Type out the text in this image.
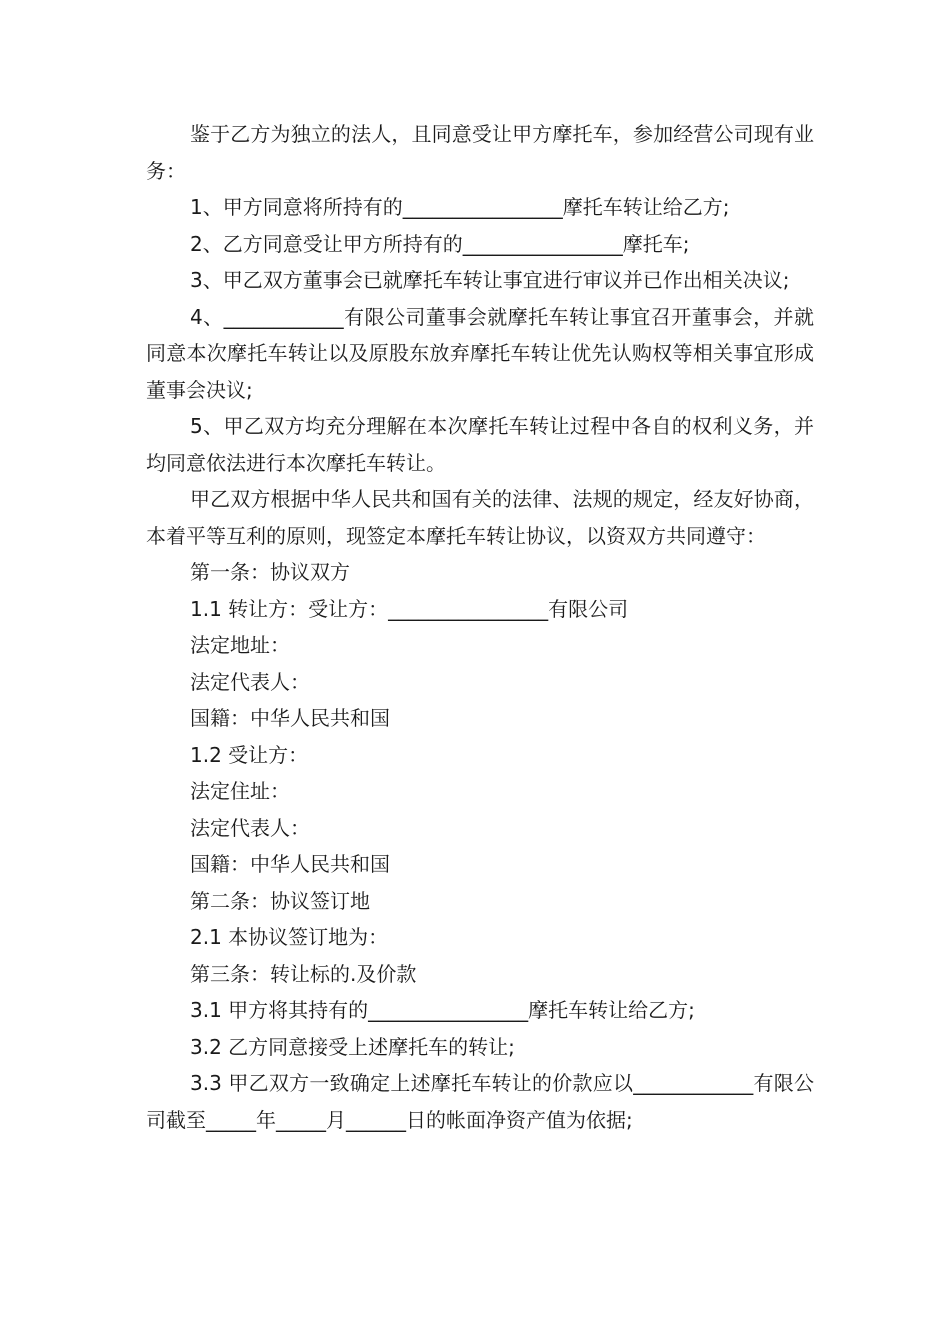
鉴于乙方为独立的法人，且同意受让甲方摩托车，参加经营公司现有业务：

1、甲方同意将所持有的________________摩托车转让给乙方;

2、乙方同意受让甲方所持有的________________摩托车;

3、甲乙双方董事会已就摩托车转让事宜进行审议并已作出相关决议;

4、____________有限公司董事会就摩托车转让事宜召开董事会，并就同意本次摩托车转让以及原股东放弃摩托车转让优先认购权等相关事宜形成董事会决议;

5、甲乙双方均充分理解在本次摩托车转让过程中各自的权利义务，并均同意依法进行本次摩托车转让。

甲乙双方根据中华人民共和国有关的法律、法规的规定，经友好协商，本着平等互利的原则，现签定本摩托车转让协议，以资双方共同遵守：

第一条：协议双方

1.1 转让方：受让方：________________有限公司

法定地址：

法定代表人：

国籍：中华人民共和国

1.2 受让方：

法定住址：

法定代表人：

国籍：中华人民共和国

第二条：协议签订地

2.1 本协议签订地为：

第三条：转让标的.及价款

3.1 甲方将其持有的________________摩托车转让给乙方;

3.2 乙方同意接受上述摩托车的转让;

3.3 甲乙双方一致确定上述摩托车转让的价款应以____________有限公司截至_____年_____月______日的帐面净资产值为依据;
